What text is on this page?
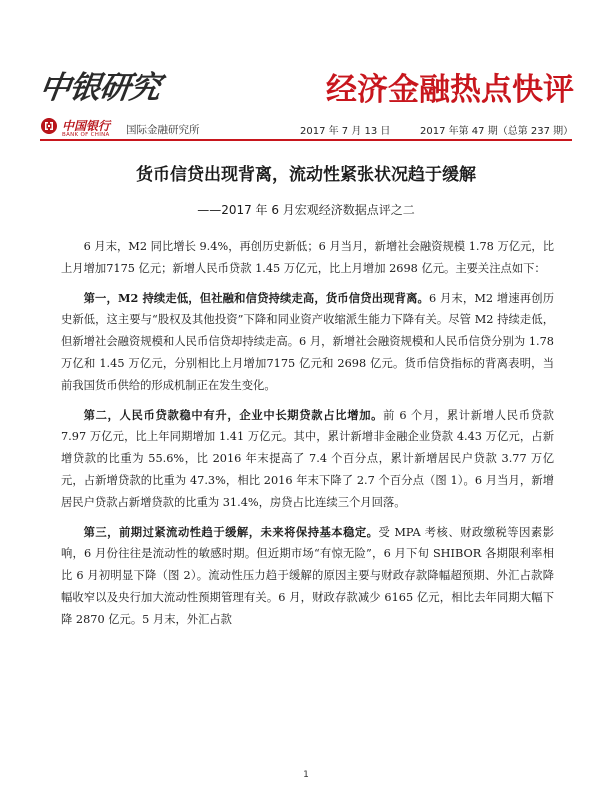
中银研究	经济金融热点快评
中国银行
BANK OF CHINA 国际金融研究所	2017 年 7 月 13 日	2017 年第 47 期（总第 237 期）
货币信贷出现背离，流动性紧张状况趋于缓解
——2017 年 6 月宏观经济数据点评之二

6 月末，M2 同比增长 9.4%，再创历史新低；6 月当月，新增社会融资规模 1.78 万亿元，比上月增加7175 亿元；新增人民币贷款 1.45 万亿元，比上月增加 2698 亿元。主要关注点如下：

第一，M2 持续走低，但社融和信贷持续走高，货币信贷出现背离。6 月末，M2 增速再创历史新低，这主要与“股权及其他投资”下降和同业资产收缩派生能力下降有关。尽管 M2 持续走低，但新增社会融资规模和人民币信贷却持续走高。6 月，新增社会融资规模和人民币信贷分别为 1.78 万亿和 1.45 万亿元，分别相比上月增加7175 亿元和 2698 亿元。货币信贷指标的背离表明，当前我国货币供给的形成机制正在发生变化。

第二，人民币贷款稳中有升，企业中长期贷款占比增加。前 6 个月，累计新增人民币贷款 7.97 万亿元，比上年同期增加 1.41 万亿元。其中，累计新增非金融企业贷款 4.43 万亿元，占新增贷款的比重为 55.6%，比 2016 年末提高了 7.4 个百分点，累计新增居民户贷款 3.77 万亿元，占新增贷款的比重为 47.3%，相比 2016 年末下降了 2.7 个百分点（图 1）。6 月当月，新增居民户贷款占新增贷款的比重为 31.4%，房贷占比连续三个月回落。

第三，前期过紧流动性趋于缓解，未来将保持基本稳定。受 MPA 考核、财政缴税等因素影响，6 月份往往是流动性的敏感时期。但近期市场“有惊无险”，6 月下旬 SHIBOR 各期限利率相比 6 月初明显下降（图 2）。流动性压力趋于缓解的原因主要与财政存款降幅超预期、外汇占款降幅收窄以及央行加大流动性预期管理有关。6 月，财政存款减少 6165 亿元，相比去年同期大幅下降 2870 亿元。5 月末，外汇占款

1
